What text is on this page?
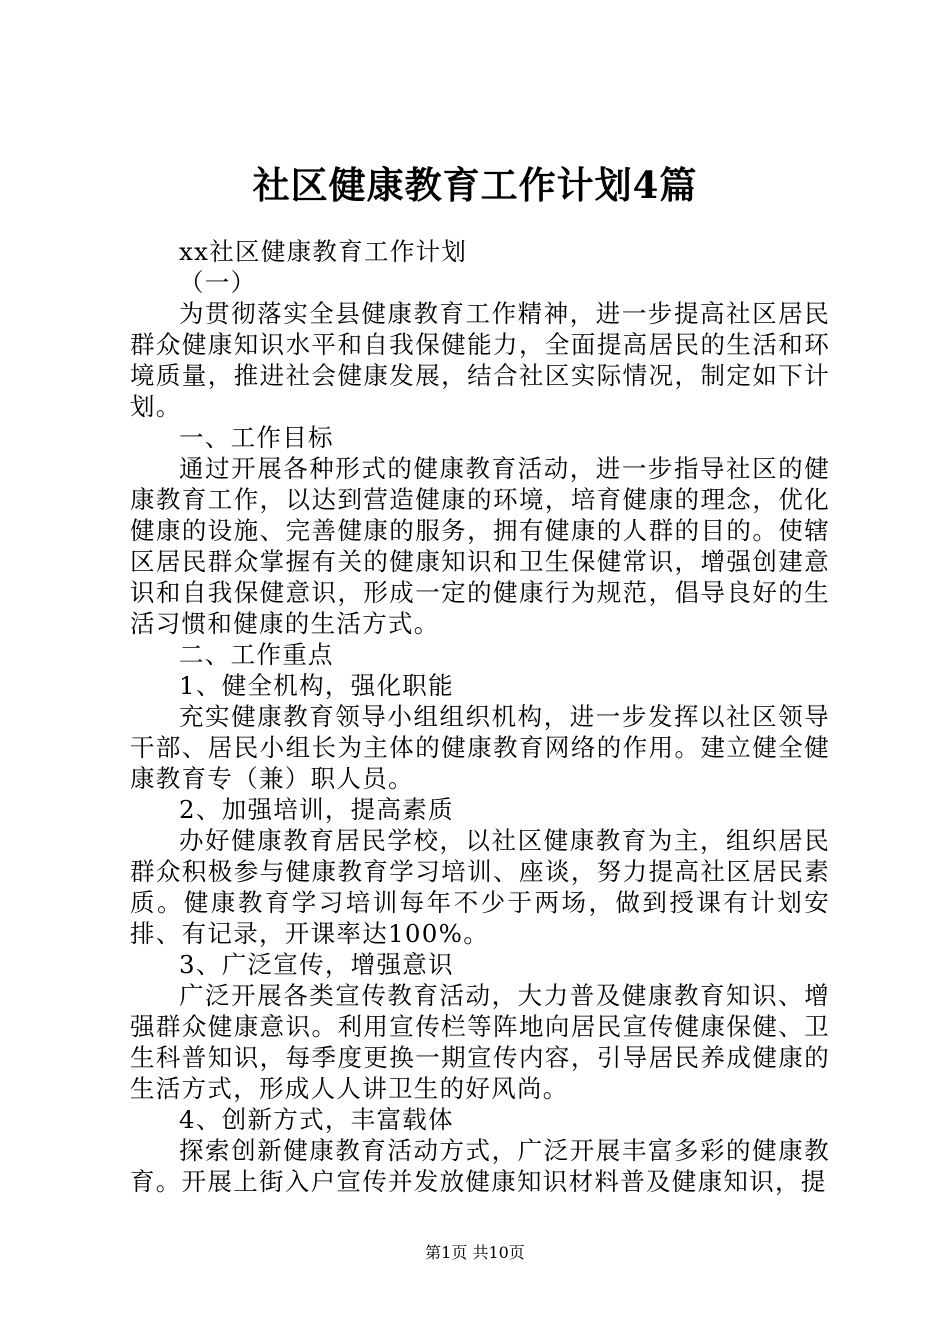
社区健康教育工作计划4篇

xx社区健康教育工作计划

（一）

为贯彻落实全县健康教育工作精神，进一步提高社区居民群众健康知识水平和自我保健能力，全面提高居民的生活和环境质量，推进社会健康发展，结合社区实际情况，制定如下计划。

一、工作目标

通过开展各种形式的健康教育活动，进一步指导社区的健康教育工作，以达到营造健康的环境，培育健康的理念，优化健康的设施、完善健康的服务，拥有健康的人群的目的。使辖区居民群众掌握有关的健康知识和卫生保健常识，增强创建意识和自我保健意识，形成一定的健康行为规范，倡导良好的生活习惯和健康的生活方式。

二、工作重点

1、健全机构，强化职能

充实健康教育领导小组组织机构，进一步发挥以社区领导干部、居民小组长为主体的健康教育网络的作用。建立健全健康教育专（兼）职人员。

2、加强培训，提高素质

办好健康教育居民学校，以社区健康教育为主，组织居民群众积极参与健康教育学习培训、座谈，努力提高社区居民素质。健康教育学习培训每年不少于两场，做到授课有计划安排、有记录，开课率达100%。

3、广泛宣传，增强意识

广泛开展各类宣传教育活动，大力普及健康教育知识、增强群众健康意识。利用宣传栏等阵地向居民宣传健康保健、卫生科普知识，每季度更换一期宣传内容，引导居民养成健康的生活方式，形成人人讲卫生的好风尚。

4、创新方式，丰富载体

探索创新健康教育活动方式，广泛开展丰富多彩的健康教育。开展上街入户宣传并发放健康知识材料普及健康知识，提

第1页 共10页
